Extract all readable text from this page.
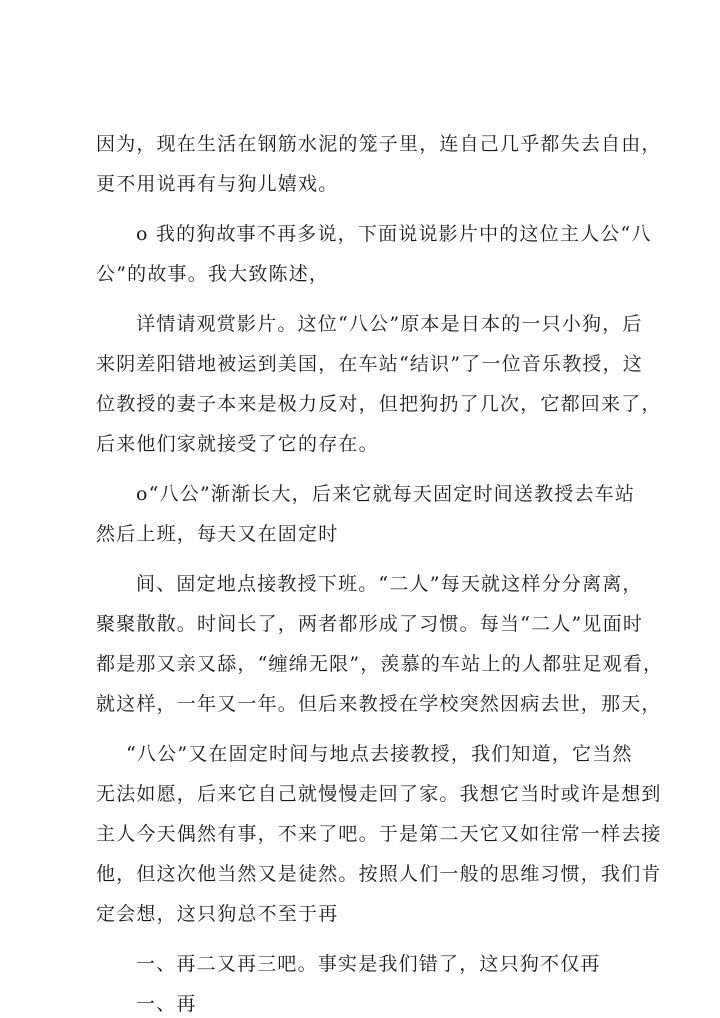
因为，现在生活在钢筋水泥的笼子里，连自己几乎都失去自由，
更不用说再有与狗儿嬉戏。
o 我的狗故事不再多说，下面说说影片中的这位主人公“八
公”的故事。我大致陈述，
详情请观赏影片。这位“八公”原本是日本的一只小狗，后
来阴差阳错地被运到美国，在车站“结识”了一位音乐教授，这
位教授的妻子本来是极力反对，但把狗扔了几次，它都回来了，
后来他们家就接受了它的存在。
o“八公”渐渐长大，后来它就每天固定时间送教授去车站
然后上班，每天又在固定时
间、固定地点接教授下班。“二人”每天就这样分分离离，
聚聚散散。时间长了，两者都形成了习惯。每当“二人”见面时
都是那又亲又舔，“缠绵无限”，羡慕的车站上的人都驻足观看，
就这样，一年又一年。但后来教授在学校突然因病去世，那天，
“八公”又在固定时间与地点去接教授，我们知道，它当然
无法如愿，后来它自己就慢慢走回了家。我想它当时或许是想到
主人今天偶然有事，不来了吧。于是第二天它又如往常一样去接
他，但这次他当然又是徒然。按照人们一般的思维习惯，我们肯
定会想，这只狗总不至于再
一、再二又再三吧。事实是我们错了，这只狗不仅再
一、再
